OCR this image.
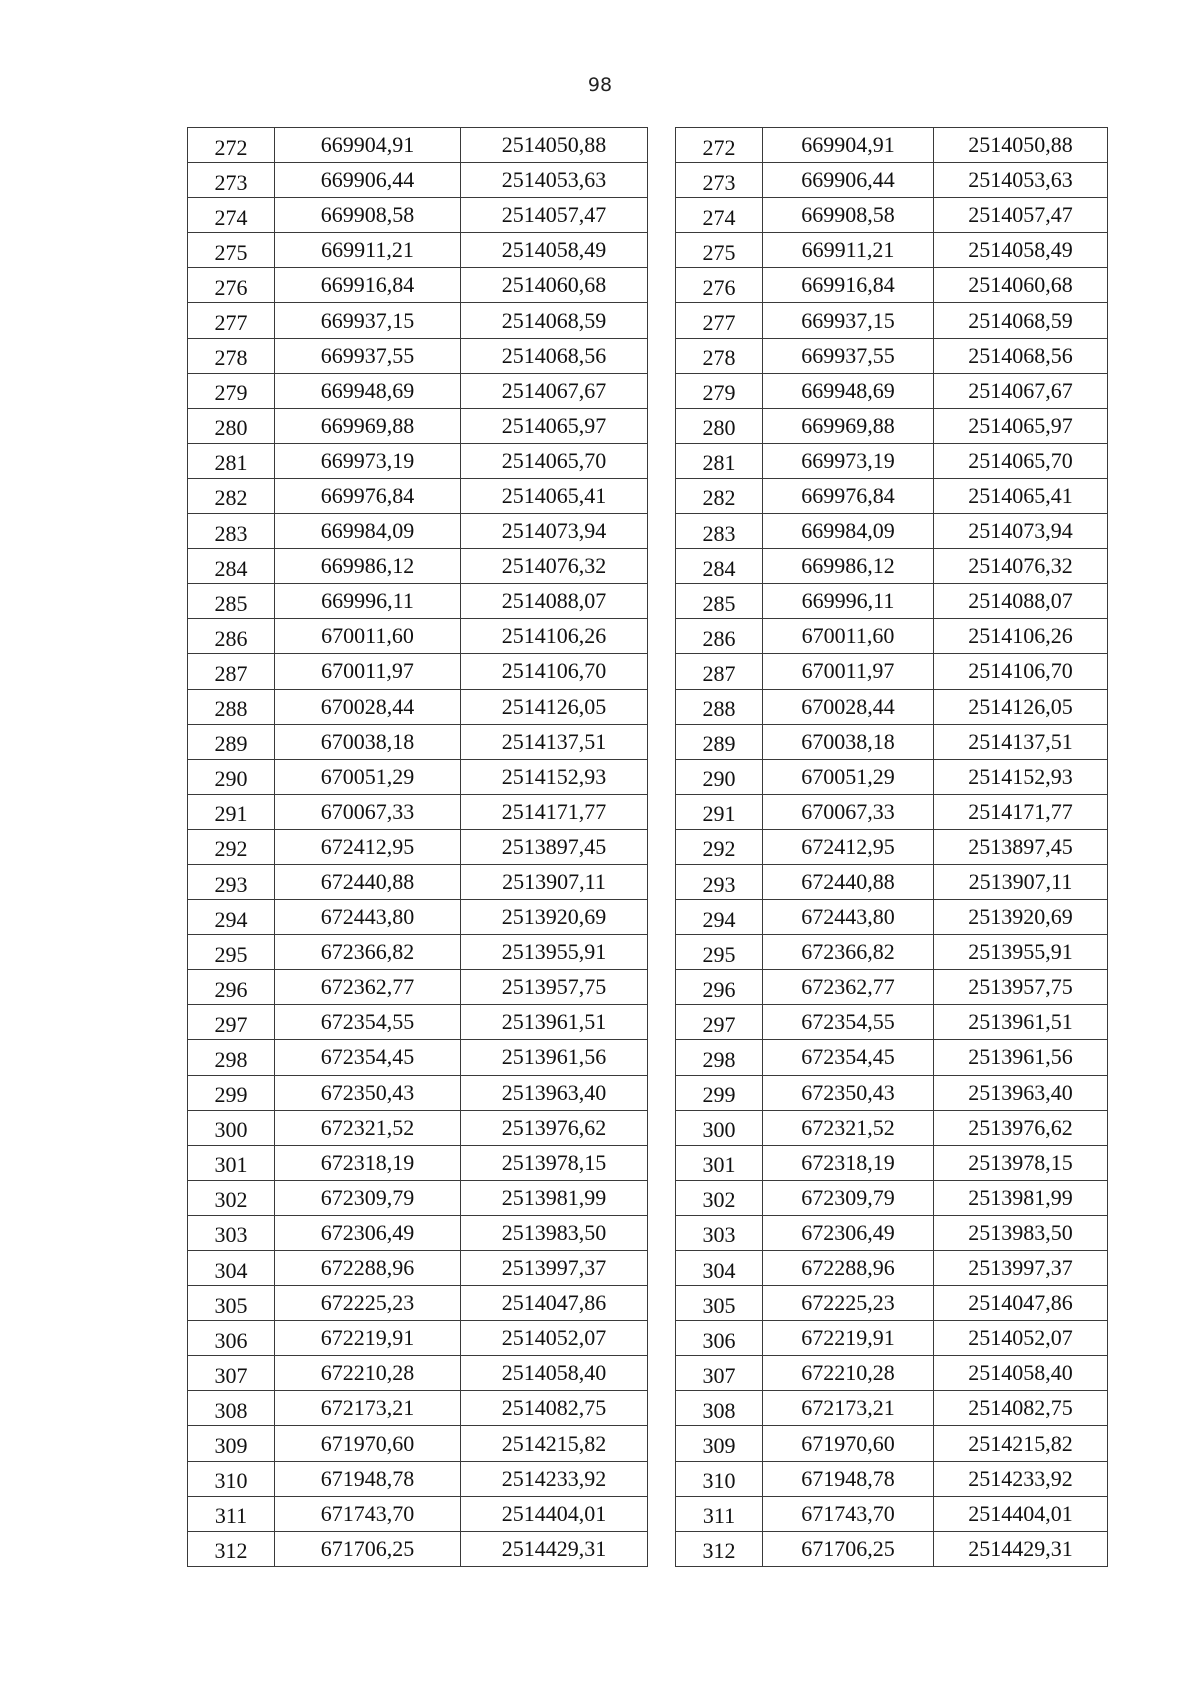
98
272	669904,91	2514050,88
273	669906,44	2514053,63
274	669908,58	2514057,47
275	669911,21	2514058,49
276	669916,84	2514060,68
277	669937,15	2514068,59
278	669937,55	2514068,56
279	669948,69	2514067,67
280	669969,88	2514065,97
281	669973,19	2514065,70
282	669976,84	2514065,41
283	669984,09	2514073,94
284	669986,12	2514076,32
285	669996,11	2514088,07
286	670011,60	2514106,26
287	670011,97	2514106,70
288	670028,44	2514126,05
289	670038,18	2514137,51
290	670051,29	2514152,93
291	670067,33	2514171,77
292	672412,95	2513897,45
293	672440,88	2513907,11
294	672443,80	2513920,69
295	672366,82	2513955,91
296	672362,77	2513957,75
297	672354,55	2513961,51
298	672354,45	2513961,56
299	672350,43	2513963,40
300	672321,52	2513976,62
301	672318,19	2513978,15
302	672309,79	2513981,99
303	672306,49	2513983,50
304	672288,96	2513997,37
305	672225,23	2514047,86
306	672219,91	2514052,07
307	672210,28	2514058,40
308	672173,21	2514082,75
309	671970,60	2514215,82
310	671948,78	2514233,92
311	671743,70	2514404,01
312	671706,25	2514429,31
272	669904,91	2514050,88
273	669906,44	2514053,63
274	669908,58	2514057,47
275	669911,21	2514058,49
276	669916,84	2514060,68
277	669937,15	2514068,59
278	669937,55	2514068,56
279	669948,69	2514067,67
280	669969,88	2514065,97
281	669973,19	2514065,70
282	669976,84	2514065,41
283	669984,09	2514073,94
284	669986,12	2514076,32
285	669996,11	2514088,07
286	670011,60	2514106,26
287	670011,97	2514106,70
288	670028,44	2514126,05
289	670038,18	2514137,51
290	670051,29	2514152,93
291	670067,33	2514171,77
292	672412,95	2513897,45
293	672440,88	2513907,11
294	672443,80	2513920,69
295	672366,82	2513955,91
296	672362,77	2513957,75
297	672354,55	2513961,51
298	672354,45	2513961,56
299	672350,43	2513963,40
300	672321,52	2513976,62
301	672318,19	2513978,15
302	672309,79	2513981,99
303	672306,49	2513983,50
304	672288,96	2513997,37
305	672225,23	2514047,86
306	672219,91	2514052,07
307	672210,28	2514058,40
308	672173,21	2514082,75
309	671970,60	2514215,82
310	671948,78	2514233,92
311	671743,70	2514404,01
312	671706,25	2514429,31
